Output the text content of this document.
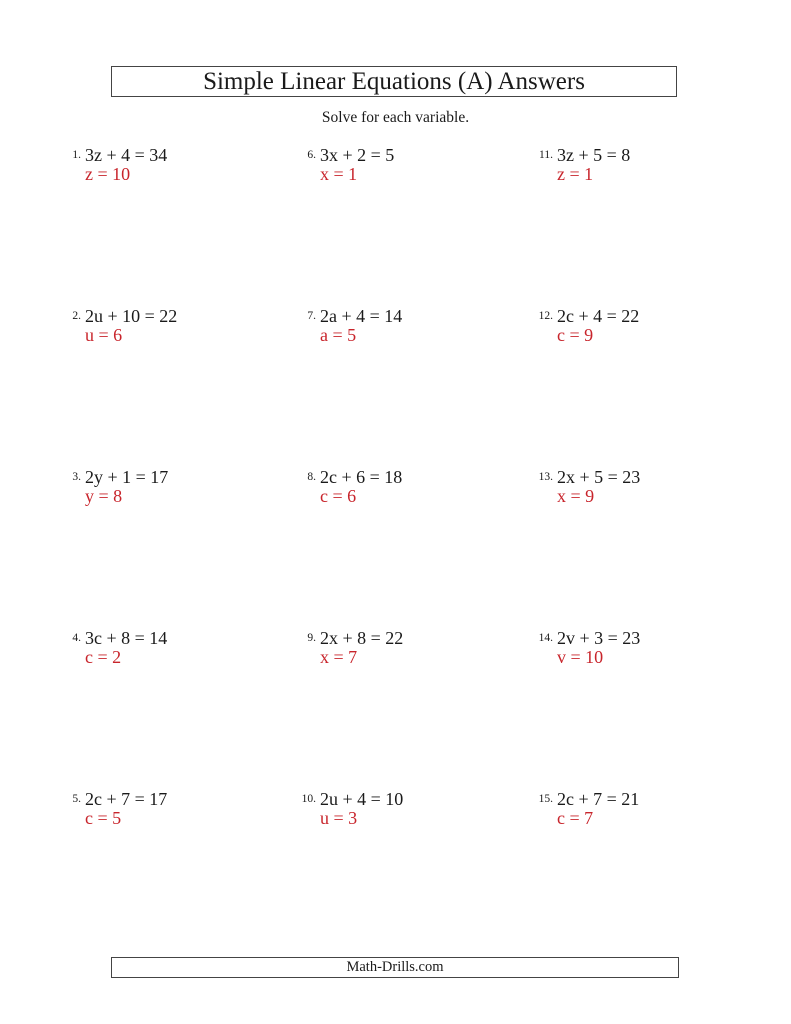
Simple Linear Equations (A) Answers
Solve for each variable.
1. 3z + 4 = 34
z = 10
2. 2u + 10 = 22
u = 6
3. 2y + 1 = 17
y = 8
4. 3c + 8 = 14
c = 2
5. 2c + 7 = 17
c = 5
6. 3x + 2 = 5
x = 1
7. 2a + 4 = 14
a = 5
8. 2c + 6 = 18
c = 6
9. 2x + 8 = 22
x = 7
10. 2u + 4 = 10
u = 3
11. 3z + 5 = 8
z = 1
12. 2c + 4 = 22
c = 9
13. 2x + 5 = 23
x = 9
14. 2v + 3 = 23
v = 10
15. 2c + 7 = 21
c = 7
Math-Drills.com
